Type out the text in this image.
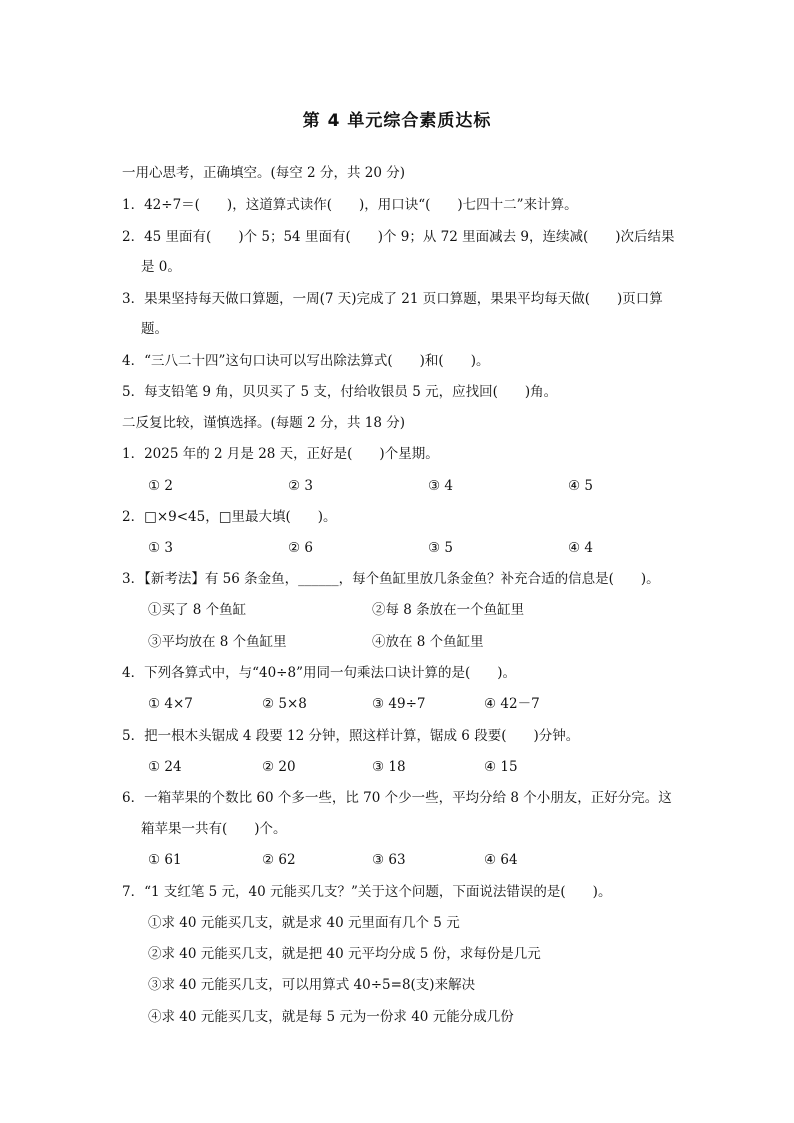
第 4 单元综合素质达标
一用心思考，正确填空。(每空 2 分，共 20 分)
1．42÷7＝(　　)，这道算式读作(　　)，用口诀“(　　)七四十二”来计算。
2．45 里面有(　　)个 5；54 里面有(　　)个 9；从 72 里面减去 9，连续减(　　)次后结果
是 0。
3．果果坚持每天做口算题，一周(7 天)完成了 21 页口算题，果果平均每天做(　　)页口算
题。
4．“三八二十四”这句口诀可以写出除法算式(　　)和(　　)。
5．每支铅笔 9 角，贝贝买了 5 支，付给收银员 5 元，应找回(　　)角。
二反复比较，谨慎选择。(每题 2 分，共 18 分)
1．2025 年的 2 月是 28 天，正好是(　　)个星期。
① 2	② 3	③ 4	④ 5
2．□×9<45，□里最大填(　　)。
① 3	② 6	③ 5	④ 4
3．【新考法】有 56 条金鱼，______，每个鱼缸里放几条金鱼？补充合适的信息是(　　)。
①买了 8 个鱼缸	②每 8 条放在一个鱼缸里
③平均放在 8 个鱼缸里	④放在 8 个鱼缸里
4．下列各算式中，与“40÷8”用同一句乘法口诀计算的是(　　)。
① 4×7	② 5×8	③ 49÷7	④ 42－7
5．把一根木头锯成 4 段要 12 分钟，照这样计算，锯成 6 段要(　　)分钟。
① 24	② 20	③ 18	④ 15
6．一箱苹果的个数比 60 个多一些，比 70 个少一些，平均分给 8 个小朋友，正好分完。这
箱苹果一共有(　　)个。
① 61	② 62	③ 63	④ 64
7．“1 支红笔 5 元，40 元能买几支？”关于这个问题，下面说法错误的是(　　)。
①求 40 元能买几支，就是求 40 元里面有几个 5 元
②求 40 元能买几支，就是把 40 元平均分成 5 份，求每份是几元
③求 40 元能买几支，可以用算式 40÷5=8(支)来解决
④求 40 元能买几支，就是每 5 元为一份求 40 元能分成几份
